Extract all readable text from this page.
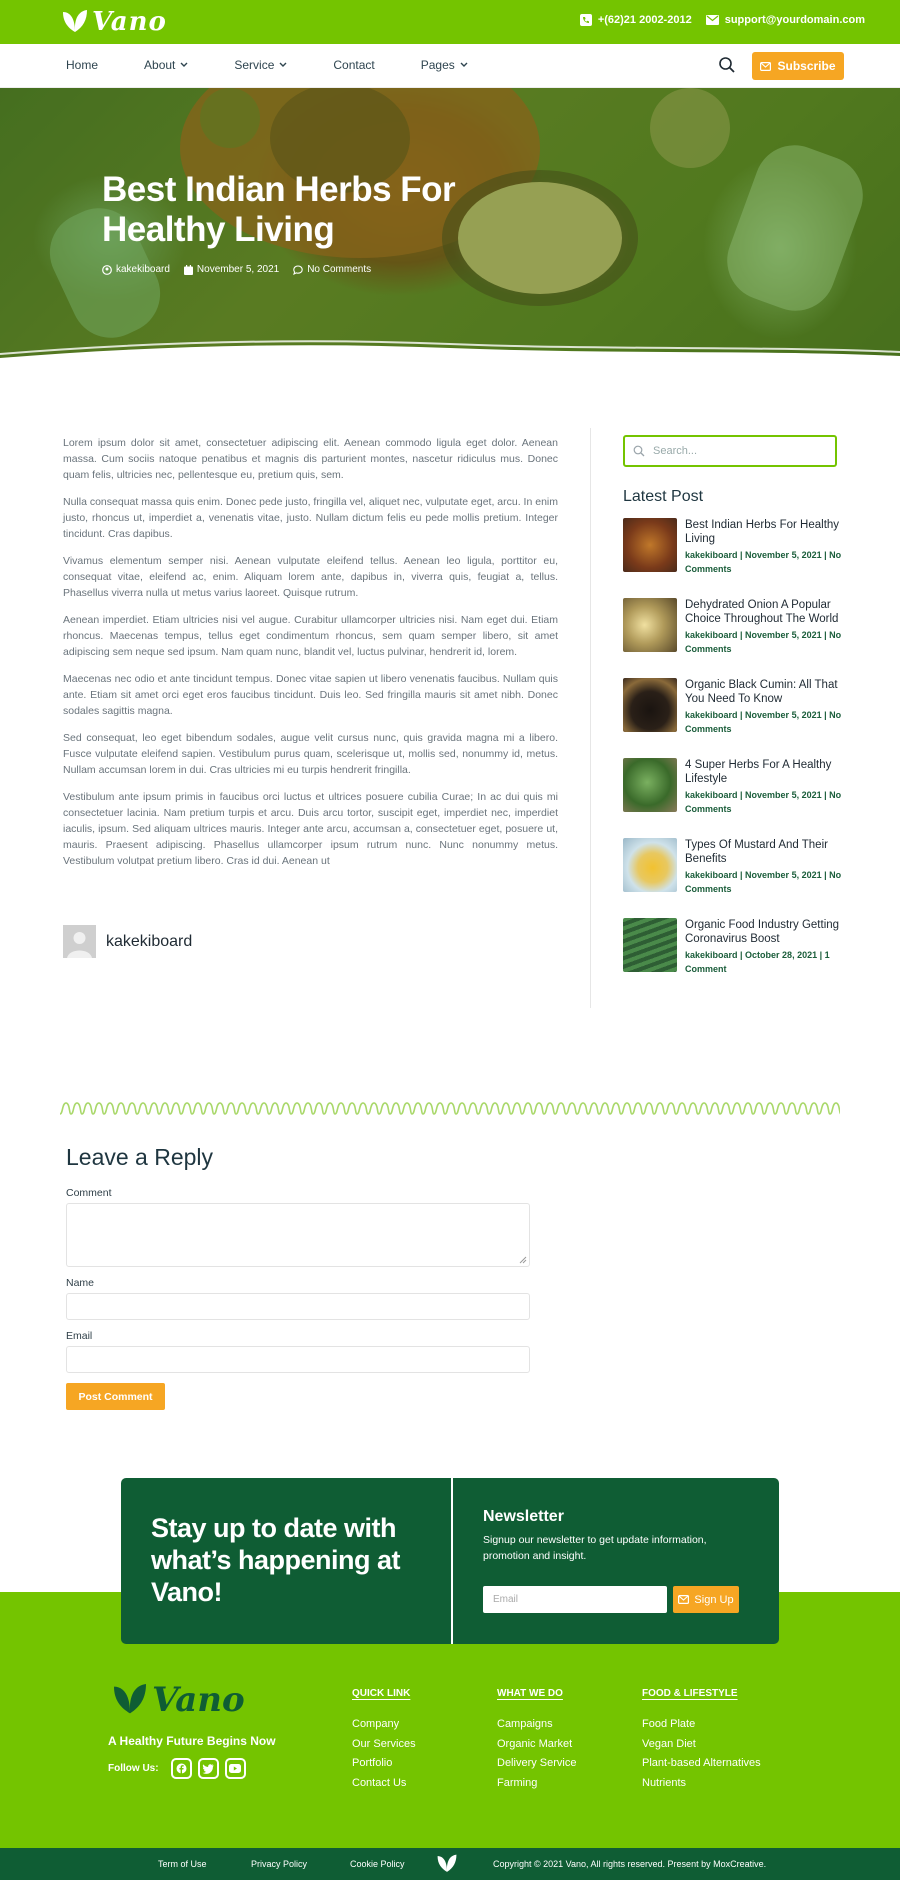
Vano	+(62)21 2002-2012	support@yourdomain.com
Home	About	Service	Contact	Pages	Subscribe
Best Indian Herbs For Healthy Living
kakekiboard	November 5, 2021	No Comments

Lorem ipsum dolor sit amet, consectetuer adipiscing elit. Aenean commodo ligula eget dolor. Aenean massa. Cum sociis natoque penatibus et magnis dis parturient montes, nascetur ridiculus mus. Donec quam felis, ultricies nec, pellentesque eu, pretium quis, sem.

Nulla consequat massa quis enim. Donec pede justo, fringilla vel, aliquet nec, vulputate eget, arcu. In enim justo, rhoncus ut, imperdiet a, venenatis vitae, justo. Nullam dictum felis eu pede mollis pretium. Integer tincidunt. Cras dapibus.

Vivamus elementum semper nisi. Aenean vulputate eleifend tellus. Aenean leo ligula, porttitor eu, consequat vitae, eleifend ac, enim. Aliquam lorem ante, dapibus in, viverra quis, feugiat a, tellus. Phasellus viverra nulla ut metus varius laoreet. Quisque rutrum.

Aenean imperdiet. Etiam ultricies nisi vel augue. Curabitur ullamcorper ultricies nisi. Nam eget dui. Etiam rhoncus. Maecenas tempus, tellus eget condimentum rhoncus, sem quam semper libero, sit amet adipiscing sem neque sed ipsum. Nam quam nunc, blandit vel, luctus pulvinar, hendrerit id, lorem.

Maecenas nec odio et ante tincidunt tempus. Donec vitae sapien ut libero venenatis faucibus. Nullam quis ante. Etiam sit amet orci eget eros faucibus tincidunt. Duis leo. Sed fringilla mauris sit amet nibh. Donec sodales sagittis magna.

Sed consequat, leo eget bibendum sodales, augue velit cursus nunc, quis gravida magna mi a libero. Fusce vulputate eleifend sapien. Vestibulum purus quam, scelerisque ut, mollis sed, nonummy id, metus. Nullam accumsan lorem in dui. Cras ultricies mi eu turpis hendrerit fringilla.

Vestibulum ante ipsum primis in faucibus orci luctus et ultrices posuere cubilia Curae; In ac dui quis mi consectetuer lacinia. Nam pretium turpis et arcu. Duis arcu tortor, suscipit eget, imperdiet nec, imperdiet iaculis, ipsum. Sed aliquam ultrices mauris. Integer ante arcu, accumsan a, consectetuer eget, posuere ut, mauris. Praesent adipiscing. Phasellus ullamcorper ipsum rutrum nunc. Nunc nonummy metus. Vestibulum volutpat pretium libero. Cras id dui. Aenean ut

kakekiboard
Search...
Latest Post
Best Indian Herbs For Healthy Living
kakekiboard | November 5, 2021 | No Comments
Dehydrated Onion A Popular Choice Throughout The World
kakekiboard | November 5, 2021 | No Comments
Organic Black Cumin: All That You Need To Know
kakekiboard | November 5, 2021 | No Comments
4 Super Herbs For A Healthy Lifestyle
kakekiboard | November 5, 2021 | No Comments
Types Of Mustard And Their Benefits
kakekiboard | November 5, 2021 | No Comments
Organic Food Industry Getting Coronavirus Boost
kakekiboard | October 28, 2021 | 1 Comment
Leave a Reply
Comment
Name
Email
Post Comment
Stay up to date with what’s happening at Vano!
Newsletter
Signup our newsletter to get update information, promotion and insight.
Email	Sign Up
Vano
A Healthy Future Begins Now
Follow Us:
QUICK LINK
Company
Our Services
Portfolio
Contact Us
WHAT WE DO
Campaigns
Organic Market
Delivery Service
Farming
FOOD & LIFESTYLE
Food Plate
Vegan Diet
Plant-based Alternatives
Nutrients
Term of Use	Privacy Policy	Cookie Policy	Copyright © 2021 Vano, All rights reserved. Present by MoxCreative.
